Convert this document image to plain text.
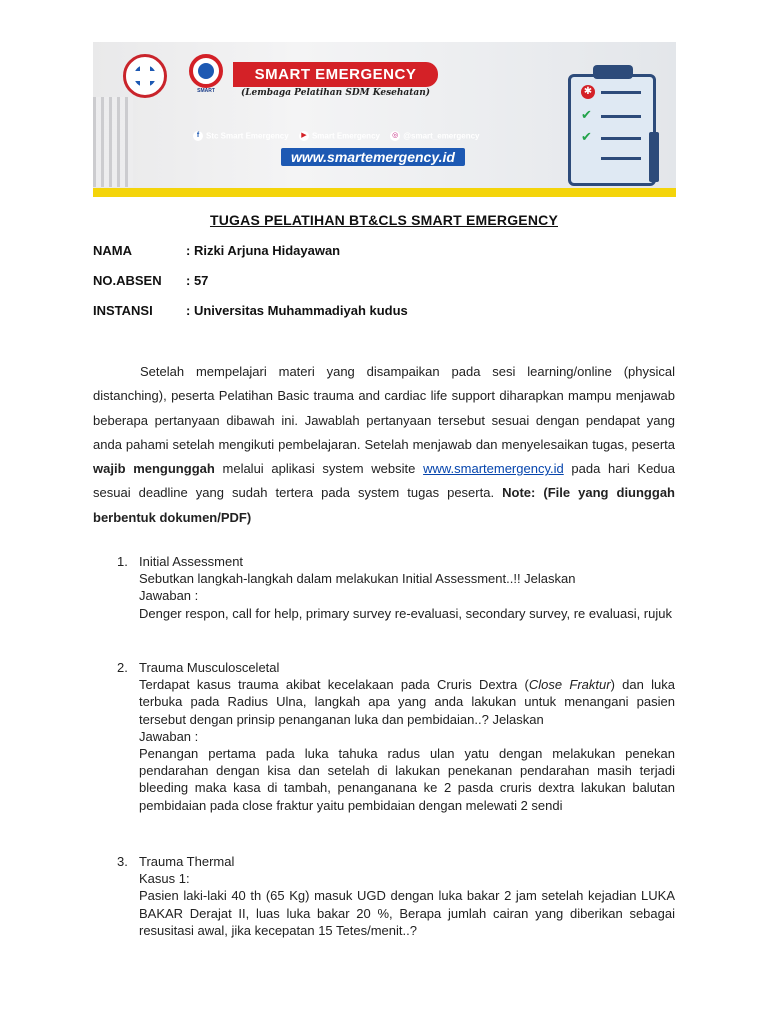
SMART
SMART EMERGENCY
(Lembaga Pelatihan SDM Kesehatan)
f Stc Smart Emergency ▶ Smart Emergency ◎ @smart_emergency
www.smartemergency.id
✱
✔
✔
TUGAS PELATIHAN BT&CLS SMART EMERGENCY
NAMA	: Rizki Arjuna Hidayawan
NO.ABSEN : 57
INSTANSI	: Universitas Muhammadiyah kudus
Setelah mempelajari materi yang disampaikan pada sesi learning/online (physical distanching), peserta Pelatihan Basic trauma and cardiac life support diharapkan mampu menjawab beberapa pertanyaan dibawah ini. Jawablah pertanyaan tersebut sesuai dengan pendapat yang anda pahami setelah mengikuti pembelajaran. Setelah menjawab dan menyelesaikan tugas, peserta wajib mengunggah melalui aplikasi system website www.smartemergency.id pada hari Kedua sesuai deadline yang sudah tertera pada system tugas peserta. Note: (File yang diunggah berbentuk dokumen/PDF)
1. Initial Assessment

Sebutkan langkah-langkah dalam melakukan Initial Assessment..!! Jelaskan

Jawaban :

Denger respon, call for help, primary survey re-evaluasi, secondary survey, re evaluasi, rujuk

2. Trauma Musculosceletal

Terdapat kasus trauma akibat kecelakaan pada Cruris Dextra (Close Fraktur) dan luka terbuka pada Radius Ulna, langkah apa yang anda lakukan untuk menangani pasien tersebut dengan prinsip penanganan luka dan pembidaian..? Jelaskan

Jawaban :

Penangan pertama pada luka tahuka radus ulan yatu dengan melakukan penekan pendarahan dengan kisa dan setelah di lakukan penekanan pendarahan masih terjadi bleeding maka kasa di tambah, penanganana ke 2 pasda cruris dextra lakukan balutan pembidaian pada close fraktur yaitu pembidaian dengan melewati 2 sendi

3. Trauma Thermal

Kasus 1:

Pasien laki-laki 40 th (65 Kg) masuk UGD dengan luka bakar 2 jam setelah kejadian LUKA BAKAR Derajat II, luas luka bakar 20 %, Berapa jumlah cairan yang diberikan sebagai resusitasi awal, jika kecepatan 15 Tetes/menit..?
